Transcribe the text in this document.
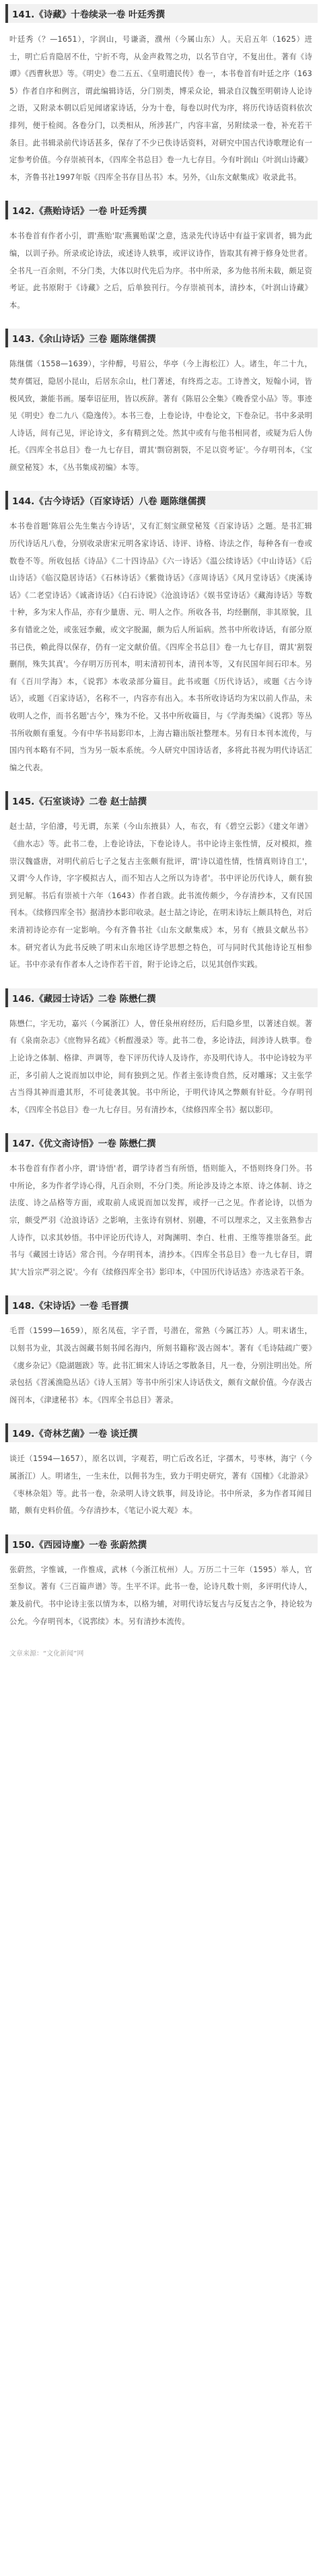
141.《诗藏》十卷续录一卷 叶廷秀撰

叶廷秀（？—1651），字润山，号谦斋，濮州（今属山东）人。天启五年（1625）进士，明亡后肯隐居不仕，宁折不弯，从金声救驾之功，以名节自守，不复出仕。著有《诗谭》《西曹秋思》等。《明史》卷二五五、《皇明遗民传》卷一，本书卷首有叶廷之序（1635）作者自序和例言，谓此编辑诗话，分门别类，博采众论，辑录自汉魏至明朝诗人论诗之语，又附录本朝以后见闻诸家诗话，分为十卷，每卷以时代为序，将历代诗话资料依次排列，便于检阅。各卷分门，以类相从，所涉甚广，内容丰富，另附续录一卷，补充若干条目。此书辑录前代诗话甚多，保存了不少已佚诗话资料，对研究中国古代诗歌理论有一定参考价值。今存崇祯刊本，《四库全书总目》卷一九七存目。今有叶润山《叶润山诗藏》本，齐鲁书社1997年版《四库全书存目丛书》本。另外，《山东文献集成》收录此书。

142.《燕贻诗话》一卷 叶廷秀撰

本书卷首有作者小引，谓'燕贻'取'燕翼贻谋'之意，选录先代诗话中有益于家训者，辑为此编，以训子孙。所录或论诗法，或述诗人轶事，或评议诗作，皆取其有裨于修身处世者。全书凡一百余则，不分门类，大体以时代先后为序。书中所录，多为他书所未载，颇足资考证。此书原附于《诗藏》之后，后单独刊行。今存崇祯刊本，清抄本，《叶润山诗藏》本。

143.《余山诗话》三卷 题陈继儒撰

陈继儒（1558—1639），字仲醇，号眉公，华亭（今上海松江）人。诸生，年二十九，焚弃儒冠，隐居小昆山，后居东佘山，杜门著述，有终焉之志。工诗善文，短翰小词，皆极风致，兼能书画。屡奉诏征用，皆以疾辞。著有《陈眉公全集》《晚香堂小品》等。事迹见《明史》卷二九八《隐逸传》。本书三卷，上卷论诗，中卷论文，下卷杂记。书中多录明人诗话，间有己见，评论诗文，多有精到之处。然其中或有与他书相同者，或疑为后人伪托。《四库全书总目》卷一九七存目，谓其'剽窃割裂，不足以资考证'。今存明刊本，《宝颜堂秘笈》本，《丛书集成初编》本等。

144.《古今诗话》（百家诗话）八卷 题陈继儒撰

本书卷首题'陈眉公先生集古今诗话'，又有汇刻宝颜堂秘笈《百家诗话》之题。是书汇辑历代诗话凡八卷，分别收录唐宋元明各家诗话、诗评、诗格、诗法之作，每种各有一卷或数卷不等。所收包括《诗品》《二十四诗品》《六一诗话》《温公续诗话》《中山诗话》《后山诗话》《临汉隐居诗话》《石林诗话》《紫微诗话》《彦周诗话》《风月堂诗话》《庚溪诗话》《二老堂诗话》《诚斋诗话》《白石诗说》《沧浪诗话》《娱书堂诗话》《藏海诗话》等数十种，多为宋人作品，亦有少量唐、元、明人之作。所收各书，均经删削，非其原貌，且多有错讹之处，或张冠李戴，或文字脱漏，颇为后人所诟病。然书中所收诗话，有部分原书已佚，赖此得以保存，仍有一定文献价值。《四库全书总目》卷一九七存目，谓其'割裂删削，殊失其真'。今存明万历刊本，明末清初刊本，清刊本等，又有民国年间石印本。另有《百川学海》本，《说郛》本收录部分篇目。此书或题《历代诗话》，或题《古今诗话》，或题《百家诗话》，名称不一，内容亦有出入。本书所收诗话均为宋以前人作品，未收明人之作，而书名题'古今'，殊为不伦。又书中所收篇目，与《学海类编》《说郛》等丛书所收颇有重复。今有中华书局影印本，上海古籍出版社整理本。另有日本刊本流传，与国内刊本略有不同，当为另一版本系统。今人研究中国诗话者，多将此书视为明代诗话汇编之代表。

145.《石室谈诗》二卷 赵士喆撰

赵士喆，字伯濬，号无谓，东莱（今山东掖县）人，布衣，有《碧空云影》《建文年谱》《曲水志》等。此书二卷，上卷论诗法，下卷论诗人。书中论诗主张性情，反对模拟，推崇汉魏盛唐，对明代前后七子之复古主张颇有批评，谓'诗以道性情，性情真则诗自工'，又谓'今人作诗，字字模拟古人，而不知古人之所以为诗者'。书中评论历代诗人，颇有独到见解。书后有崇祯十六年（1643）作者自跋。此书流传颇少，今存清抄本，又有民国刊本。《续修四库全书》据清抄本影印收录。赵士喆之诗论，在明末诗坛上颇具特色，对后来清初诗论亦有一定影响。今有齐鲁书社《山东文献集成》本，另有《掖县文献丛书》本。研究者认为此书反映了明末山东地区诗学思想之特色，可与同时代其他诗论互相参证。书中亦录有作者本人之诗作若干首，附于论诗之后，以见其创作实践。

146.《藏园士诗话》二卷 陈懋仁撰

陈懋仁，字无功，嘉兴（今属浙江）人，曾任泉州府经历，后归隐乡里，以著述自娱。著有《泉南杂志》《庶物异名疏》《析酲漫录》等。此书二卷，多论诗法，间涉诗人轶事。卷上论诗之体制、格律、声调等，卷下评历代诗人及诗作，亦及明代诗人。书中论诗较为平正，多引前人之说而加以申论，间有独到之见。作者主张诗贵自然，反对雕琢；又主张学古当得其神而遗其形，不可徒袭其貌。书中所论，于明代诗风之弊颇有针砭。今存明刊本，《四库全书总目》卷一九七存目。另有清抄本，《续修四库全书》据以影印。

147.《优文斋诗悟》一卷 陈懋仁撰

本书卷首有作者小序，谓'诗悟'者，谓学诗者当有所悟，悟则能入，不悟则终身门外。书中所论，多为作者学诗心得，凡百余则，不分门类。所论涉及诗之本原、诗之体制、诗之法度、诗之品格等方面，或取前人成说而加以发挥，或抒一己之见。作者论诗，以悟为宗，颇受严羽《沧浪诗话》之影响，主张诗有别材、别趣，不可以理求之，又主张熟参古人诗作，以求其妙悟。书中评论历代诗人，对陶渊明、李白、杜甫、王维等推崇备至。此书与《藏园士诗话》常合刊。今存明刊本，清抄本。《四库全书总目》卷一九七存目，谓其'大旨宗严羽之说'。今有《续修四库全书》影印本，《中国历代诗话选》亦选录若干条。

148.《宋诗话》一卷 毛晋撰

毛晋（1599—1659），原名凤苞，字子晋，号潜在，常熟（今属江苏）人。明末诸生，以刻书为业，其汲古阁藏书刻书闻名海内，所刻书籍称'汲古阁本'。著有《毛诗陆疏广要》《虞乡杂记》《隐湖题跋》等。此书汇辑宋人诗话之零散条目，凡一卷，分别注明出处。所录包括《苕溪渔隐丛话》《诗人玉屑》等书中所引宋人诗话佚文，颇有文献价值。今存汲古阁刊本，《津逮秘书》本。《四库全书总目》著录。

149.《奇林艺菌》一卷 谈迁撰

谈迁（1594—1657），原名以训，字观若，明亡后改名迁，字孺木，号枣林，海宁（今属浙江）人。明诸生，一生未仕，以佣书为生，致力于明史研究，著有《国榷》《北游录》《枣林杂俎》等。此书一卷，杂录明人诗文轶事，间及诗论。书中所录，多为作者耳闻目睹，颇有史料价值。今存清抄本，《笔记小说大观》本。

150.《西园诗麈》一卷 张蔚然撰

张蔚然，字惟诚，一作惟成，武林（今浙江杭州）人。万历二十三年（1595）举人，官至参议。著有《三百篇声谱》等。生平不详。此书一卷，论诗凡数十则，多评明代诗人，兼及前代。书中论诗主张以情为本，以格为辅，对明代诗坛复古与反复古之争，持论较为公允。今存明刊本，《说郛续》本。另有清抄本流传。

文章来源：“文化新闻”网
